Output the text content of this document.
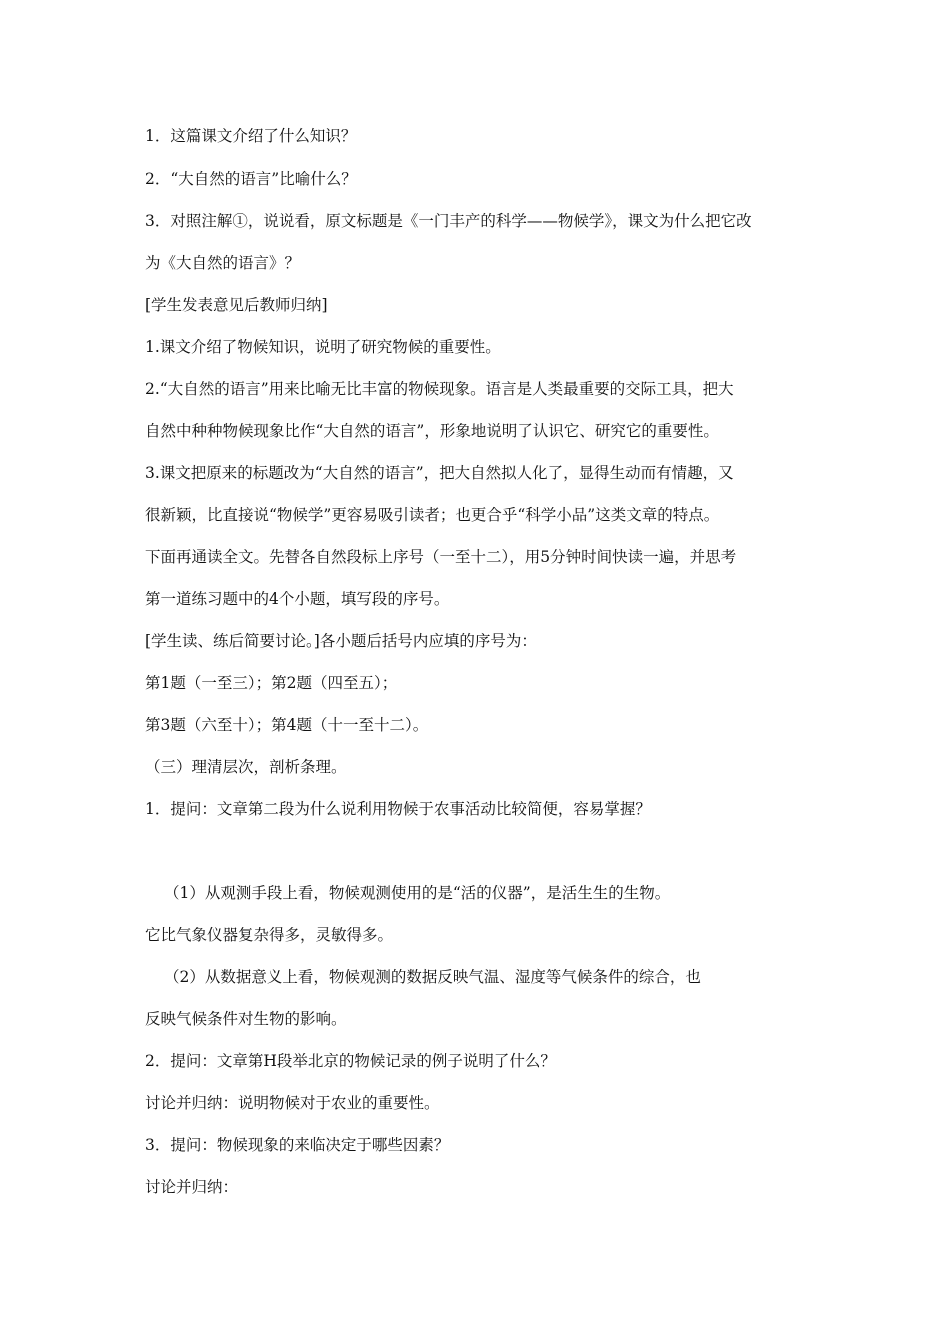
1．这篇课文介绍了什么知识？
2．“大自然的语言”比喻什么？
3．对照注解①，说说看，原文标题是《一门丰产的科学——物候学》，课文为什么把它改
为《大自然的语言》？
[学生发表意见后教师归纳]
1.课文介绍了物候知识，说明了研究物候的重要性。
2.“大自然的语言”用来比喻无比丰富的物候现象。语言是人类最重要的交际工具，把大
自然中种种物候现象比作“大自然的语言”，形象地说明了认识它、研究它的重要性。
3.课文把原来的标题改为“大自然的语言”，把大自然拟人化了，显得生动而有情趣，又
很新颖，比直接说“物候学”更容易吸引读者；也更合乎“科学小品”这类文章的特点。
下面再通读全文。先替各自然段标上序号（一至十二），用5分钟时间快读一遍，并思考
第一道练习题中的4个小题，填写段的序号。
[学生读、练后简要讨论。]各小题后括号内应填的序号为：
第1题（一至三）；第2题（四至五）；
第3题（六至十）；第4题（十一至十二）。
（三）理清层次，剖析条理。
1．提问：文章第二段为什么说利用物候于农事活动比较简便，容易掌握？
（1）从观测手段上看，物候观测使用的是“活的仪器”，是活生生的生物。
它比气象仪器复杂得多，灵敏得多。
（2）从数据意义上看，物候观测的数据反映气温、湿度等气候条件的综合，也
反映气候条件对生物的影响。
2．提问：文章第H段举北京的物候记录的例子说明了什么？
讨论并归纳：说明物候对于农业的重要性。
3．提问：物候现象的来临决定于哪些因素？
讨论并归纳：
